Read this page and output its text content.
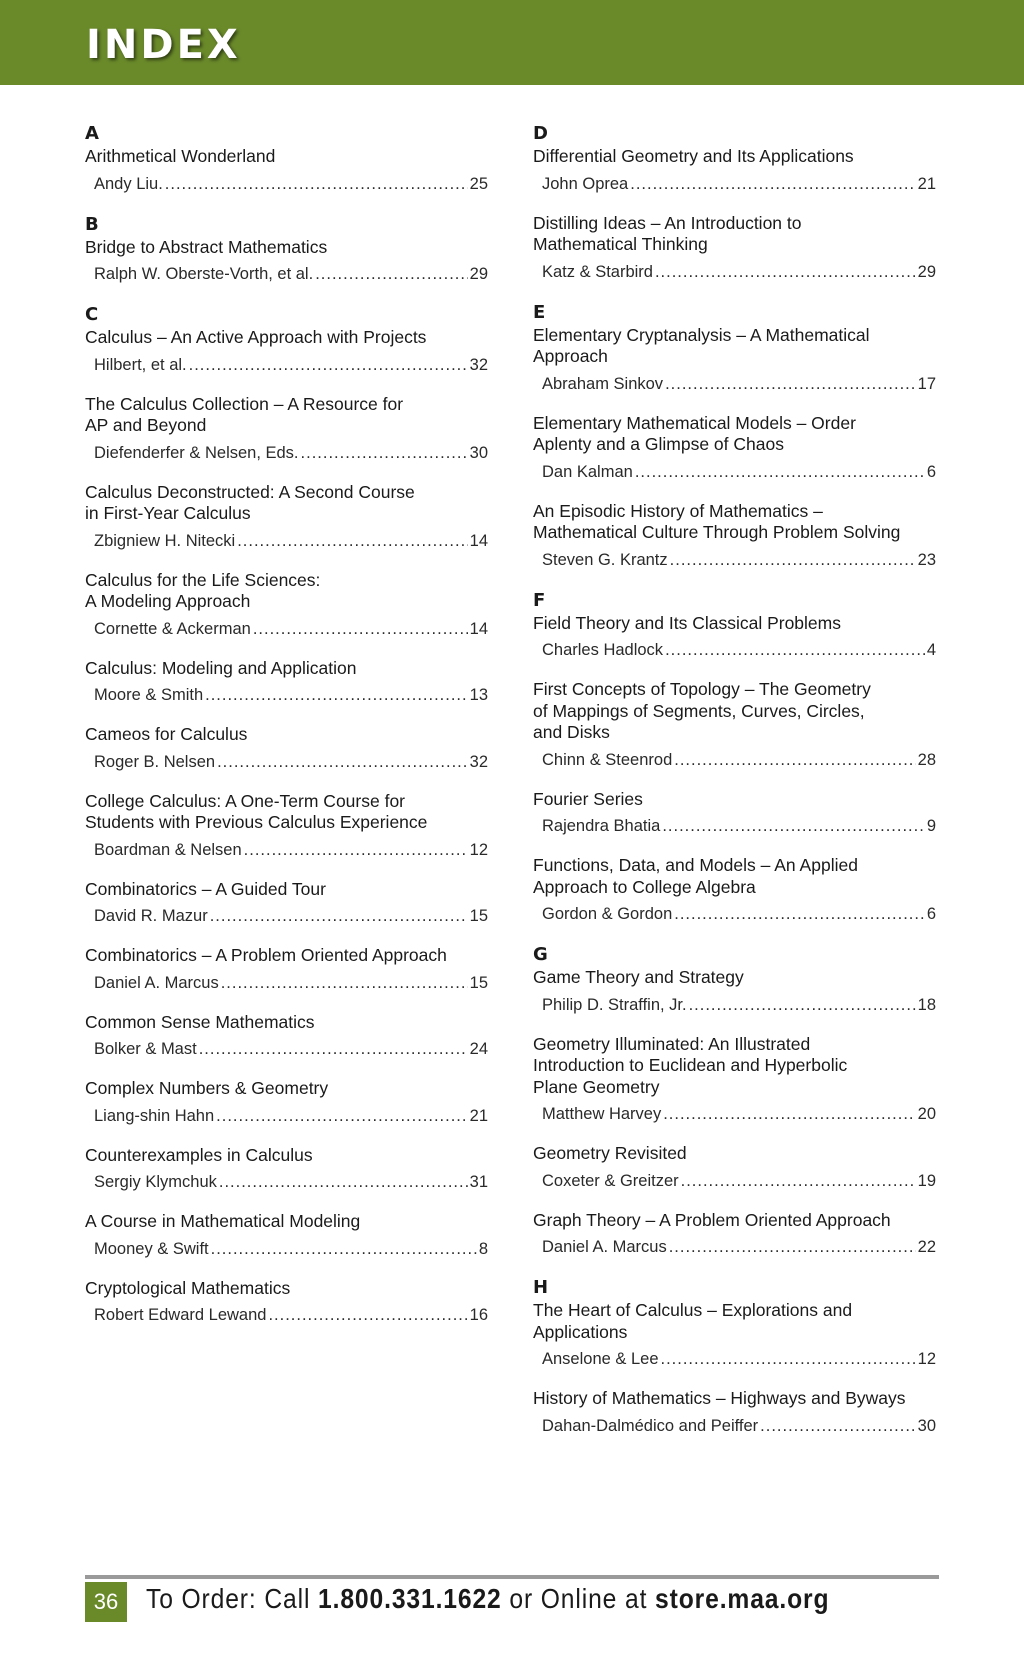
INDEX
A
Arithmetical Wonderland
Andy Liu. .....	25
B
Bridge to Abstract Mathematics
Ralph W. Oberste-Vorth, et al. .....	29
C
Calculus – An Active Approach with Projects
Hilbert, et al. .....	32
The Calculus Collection – A Resource for
AP and Beyond
Diefenderfer & Nelsen, Eds. .....	30
Calculus Deconstructed: A Second Course
in First-Year Calculus
Zbigniew H. Nitecki .....	14
Calculus for the Life Sciences:
A Modeling Approach
Cornette & Ackerman .....	14
Calculus: Modeling and Application
Moore & Smith .....	13
Cameos for Calculus
Roger B. Nelsen .....	32
College Calculus: A One-Term Course for
Students with Previous Calculus Experience
Boardman & Nelsen .....	12
Combinatorics – A Guided Tour
David R. Mazur .....	15
Combinatorics – A Problem Oriented Approach
Daniel A. Marcus .....	15
Common Sense Mathematics
Bolker & Mast .....	24
Complex Numbers & Geometry
Liang-shin Hahn .....	21
Counterexamples in Calculus
Sergiy Klymchuk .....	31
A Course in Mathematical Modeling
Mooney & Swift .....	8
Cryptological Mathematics
Robert Edward Lewand .....	16
D
Differential Geometry and Its Applications
John Oprea .....	21
Distilling Ideas – An Introduction to
Mathematical Thinking
Katz & Starbird .....	29
E
Elementary Cryptanalysis – A Mathematical
Approach
Abraham Sinkov .....	17
Elementary Mathematical Models – Order
Aplenty and a Glimpse of Chaos
Dan Kalman .....	6
An Episodic History of Mathematics –
Mathematical Culture Through Problem Solving
Steven G. Krantz .....	23
F
Field Theory and Its Classical Problems
Charles Hadlock .....	4
First Concepts of Topology – The Geometry
of Mappings of Segments, Curves, Circles,
and Disks
Chinn & Steenrod .....	28
Fourier Series
Rajendra Bhatia .....	9
Functions, Data, and Models – An Applied
Approach to College Algebra
Gordon & Gordon .....	6
G
Game Theory and Strategy
Philip D. Straffin, Jr. .....	18
Geometry Illuminated: An Illustrated
Introduction to Euclidean and Hyperbolic
Plane Geometry
Matthew Harvey .....	20
Geometry Revisited
Coxeter & Greitzer .....	19
Graph Theory – A Problem Oriented Approach
Daniel A. Marcus .....	22
H
The Heart of Calculus – Explorations and
Applications
Anselone & Lee .....	12
History of Mathematics – Highways and Byways
Dahan-Dalmédico and Peiffer .....	30
36 To Order: Call 1.800.331.1622 or Online at store.maa.org
